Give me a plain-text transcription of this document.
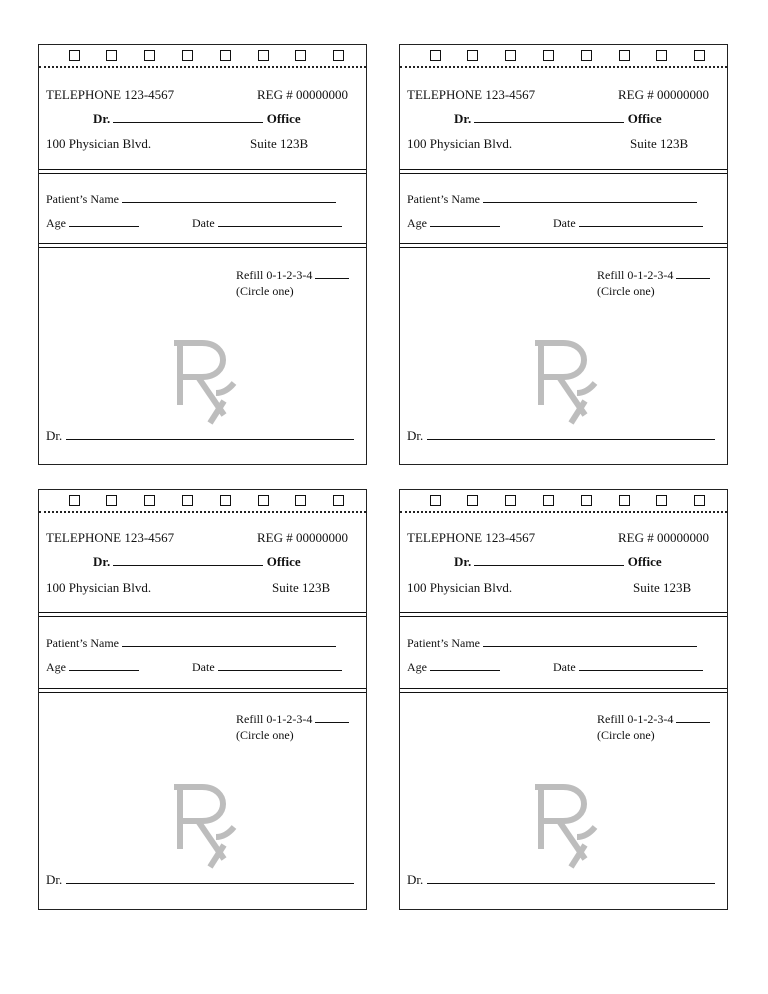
TELEPHONE 123-4567	REG # 00000000
Dr.	Office
100 Physician Blvd.	Suite 123B
Patient’s Name
Age	Date
Refill 0-1-2-3-4
(Circle one)
Dr.
TELEPHONE 123-4567	REG # 00000000
Dr.	Office
100 Physician Blvd.	Suite 123B
Patient’s Name
Age	Date
Refill 0-1-2-3-4
(Circle one)
Dr.
TELEPHONE 123-4567	REG # 00000000
Dr.	Office
100 Physician Blvd.	Suite 123B
Patient’s Name
Age	Date
Refill 0-1-2-3-4
(Circle one)
Dr.
TELEPHONE 123-4567	REG # 00000000
Dr.	Office
100 Physician Blvd.	Suite 123B
Patient’s Name
Age	Date
Refill 0-1-2-3-4
(Circle one)
Dr.
